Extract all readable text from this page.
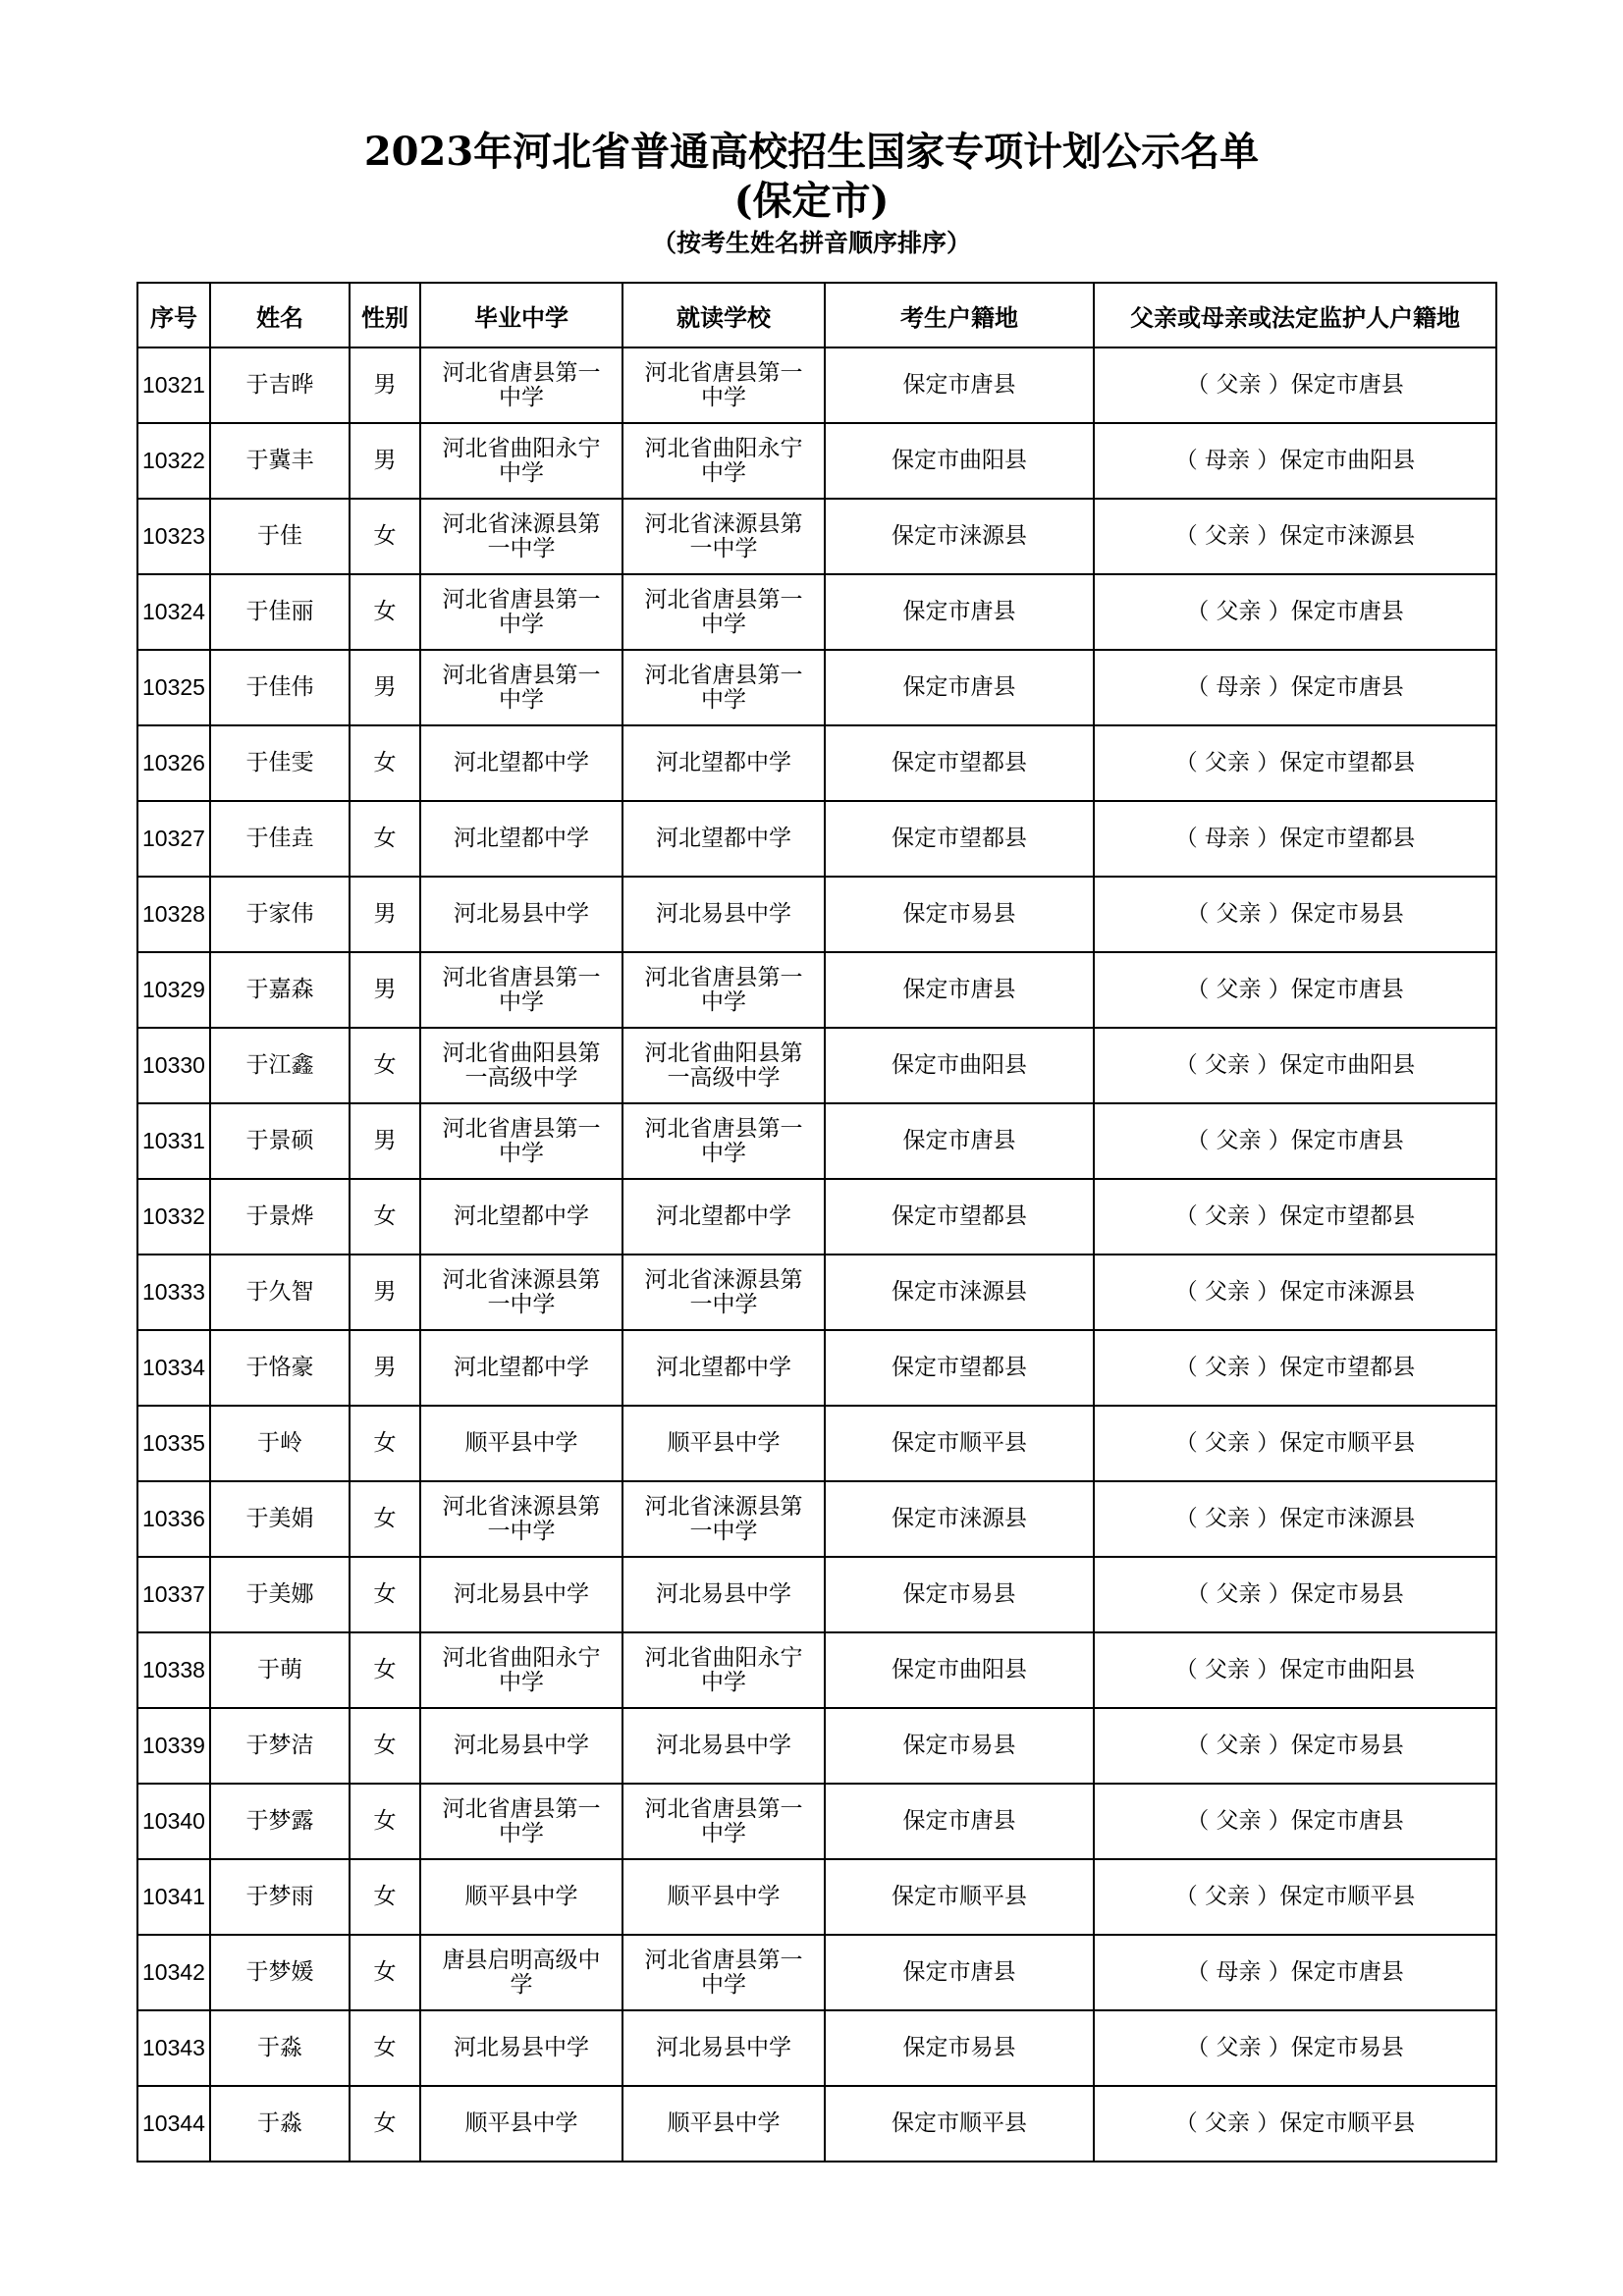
2023年河北省普通高校招生国家专项计划公示名单
(保定市)
（按考生姓名拼音顺序排序）
序号	姓名	性别	毕业中学	就读学校	考生户籍地	父亲或母亲或法定监护人户籍地
10321	于吉晔	男	河北省唐县第一中学	河北省唐县第一中学	保定市唐县	（ 父亲 ）保定市唐县
10322	于冀丰	男	河北省曲阳永宁中学	河北省曲阳永宁中学	保定市曲阳县	（ 母亲 ）保定市曲阳县
10323	于佳	女	河北省涞源县第一中学	河北省涞源县第一中学	保定市涞源县	（ 父亲 ）保定市涞源县
10324	于佳丽	女	河北省唐县第一中学	河北省唐县第一中学	保定市唐县	（ 父亲 ）保定市唐县
10325	于佳伟	男	河北省唐县第一中学	河北省唐县第一中学	保定市唐县	（ 母亲 ）保定市唐县
10326	于佳雯	女	河北望都中学	河北望都中学	保定市望都县	（ 父亲 ）保定市望都县
10327	于佳垚	女	河北望都中学	河北望都中学	保定市望都县	（ 母亲 ）保定市望都县
10328	于家伟	男	河北易县中学	河北易县中学	保定市易县	（ 父亲 ）保定市易县
10329	于嘉森	男	河北省唐县第一中学	河北省唐县第一中学	保定市唐县	（ 父亲 ）保定市唐县
10330	于江鑫	女	河北省曲阳县第一高级中学	河北省曲阳县第一高级中学	保定市曲阳县	（ 父亲 ）保定市曲阳县
10331	于景硕	男	河北省唐县第一中学	河北省唐县第一中学	保定市唐县	（ 父亲 ）保定市唐县
10332	于景烨	女	河北望都中学	河北望都中学	保定市望都县	（ 父亲 ）保定市望都县
10333	于久智	男	河北省涞源县第一中学	河北省涞源县第一中学	保定市涞源县	（ 父亲 ）保定市涞源县
10334	于恪豪	男	河北望都中学	河北望都中学	保定市望都县	（ 父亲 ）保定市望都县
10335	于岭	女	顺平县中学	顺平县中学	保定市顺平县	（ 父亲 ）保定市顺平县
10336	于美娟	女	河北省涞源县第一中学	河北省涞源县第一中学	保定市涞源县	（ 父亲 ）保定市涞源县
10337	于美娜	女	河北易县中学	河北易县中学	保定市易县	（ 父亲 ）保定市易县
10338	于萌	女	河北省曲阳永宁中学	河北省曲阳永宁中学	保定市曲阳县	（ 父亲 ）保定市曲阳县
10339	于梦洁	女	河北易县中学	河北易县中学	保定市易县	（ 父亲 ）保定市易县
10340	于梦露	女	河北省唐县第一中学	河北省唐县第一中学	保定市唐县	（ 父亲 ）保定市唐县
10341	于梦雨	女	顺平县中学	顺平县中学	保定市顺平县	（ 父亲 ）保定市顺平县
10342	于梦媛	女	唐县启明高级中学	河北省唐县第一中学	保定市唐县	（ 母亲 ）保定市唐县
10343	于淼	女	河北易县中学	河北易县中学	保定市易县	（ 父亲 ）保定市易县
10344	于淼	女	顺平县中学	顺平县中学	保定市顺平县	（ 父亲 ）保定市顺平县
